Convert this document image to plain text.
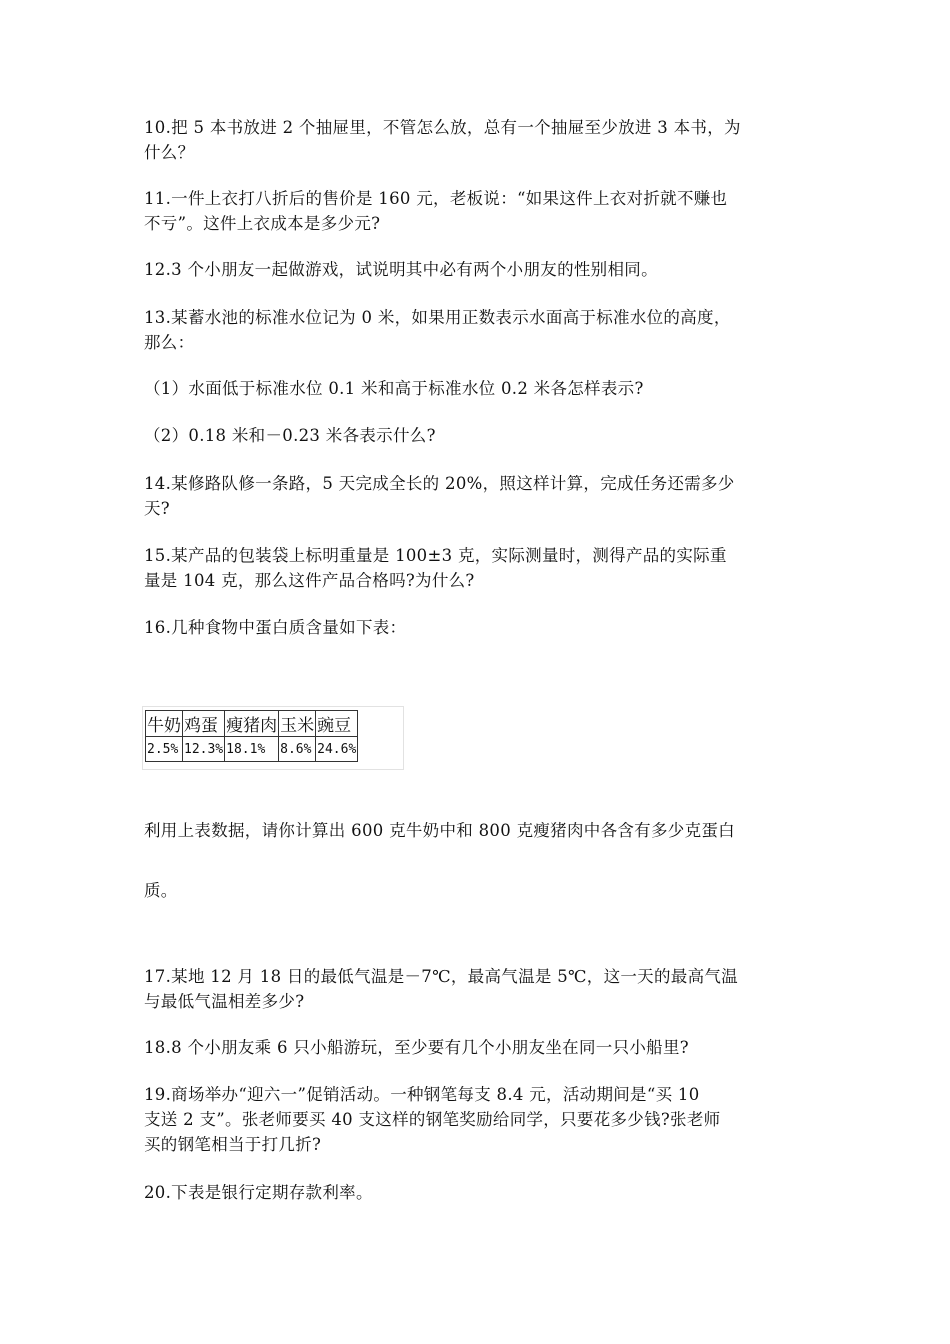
10.把 5 本书放进 2 个抽屉里，不管怎么放，总有一个抽屉至少放进 3 本书，为
什么？
11.一件上衣打八折后的售价是 160 元，老板说：“如果这件上衣对折就不赚也
不亏”。这件上衣成本是多少元?
12.3 个小朋友一起做游戏，试说明其中必有两个小朋友的性别相同。
13.某蓄水池的标准水位记为 0 米，如果用正数表示水面高于标准水位的高度，
那么：
（1）水面低于标准水位 0.1 米和高于标准水位 0.2 米各怎样表示?
（2）0.18 米和－0.23 米各表示什么?
14.某修路队修一条路，5 天完成全长的 20%，照这样计算，完成任务还需多少
天?
15.某产品的包装袋上标明重量是 100±3 克，实际测量时，测得产品的实际重
量是 104 克，那么这件产品合格吗?为什么?
16.几种食物中蛋白质含量如下表：
牛奶	鸡蛋	瘦猪肉	玉米	豌豆
2.5%	12.3%	18.1%	8.6%	24.6%
利用上表数据，请你计算出 600 克牛奶中和 800 克瘦猪肉中各含有多少克蛋白
质。
17.某地 12 月 18 日的最低气温是－7℃，最高气温是 5℃，这一天的最高气温
与最低气温相差多少?
18.8 个小朋友乘 6 只小船游玩，至少要有几个小朋友坐在同一只小船里?
19.商场举办“迎六一”促销活动。一种钢笔每支 8.4 元，活动期间是“买 10
支送 2 支”。张老师要买 40 支这样的钢笔奖励给同学，只要花多少钱?张老师
买的钢笔相当于打几折?
20.下表是银行定期存款利率。
